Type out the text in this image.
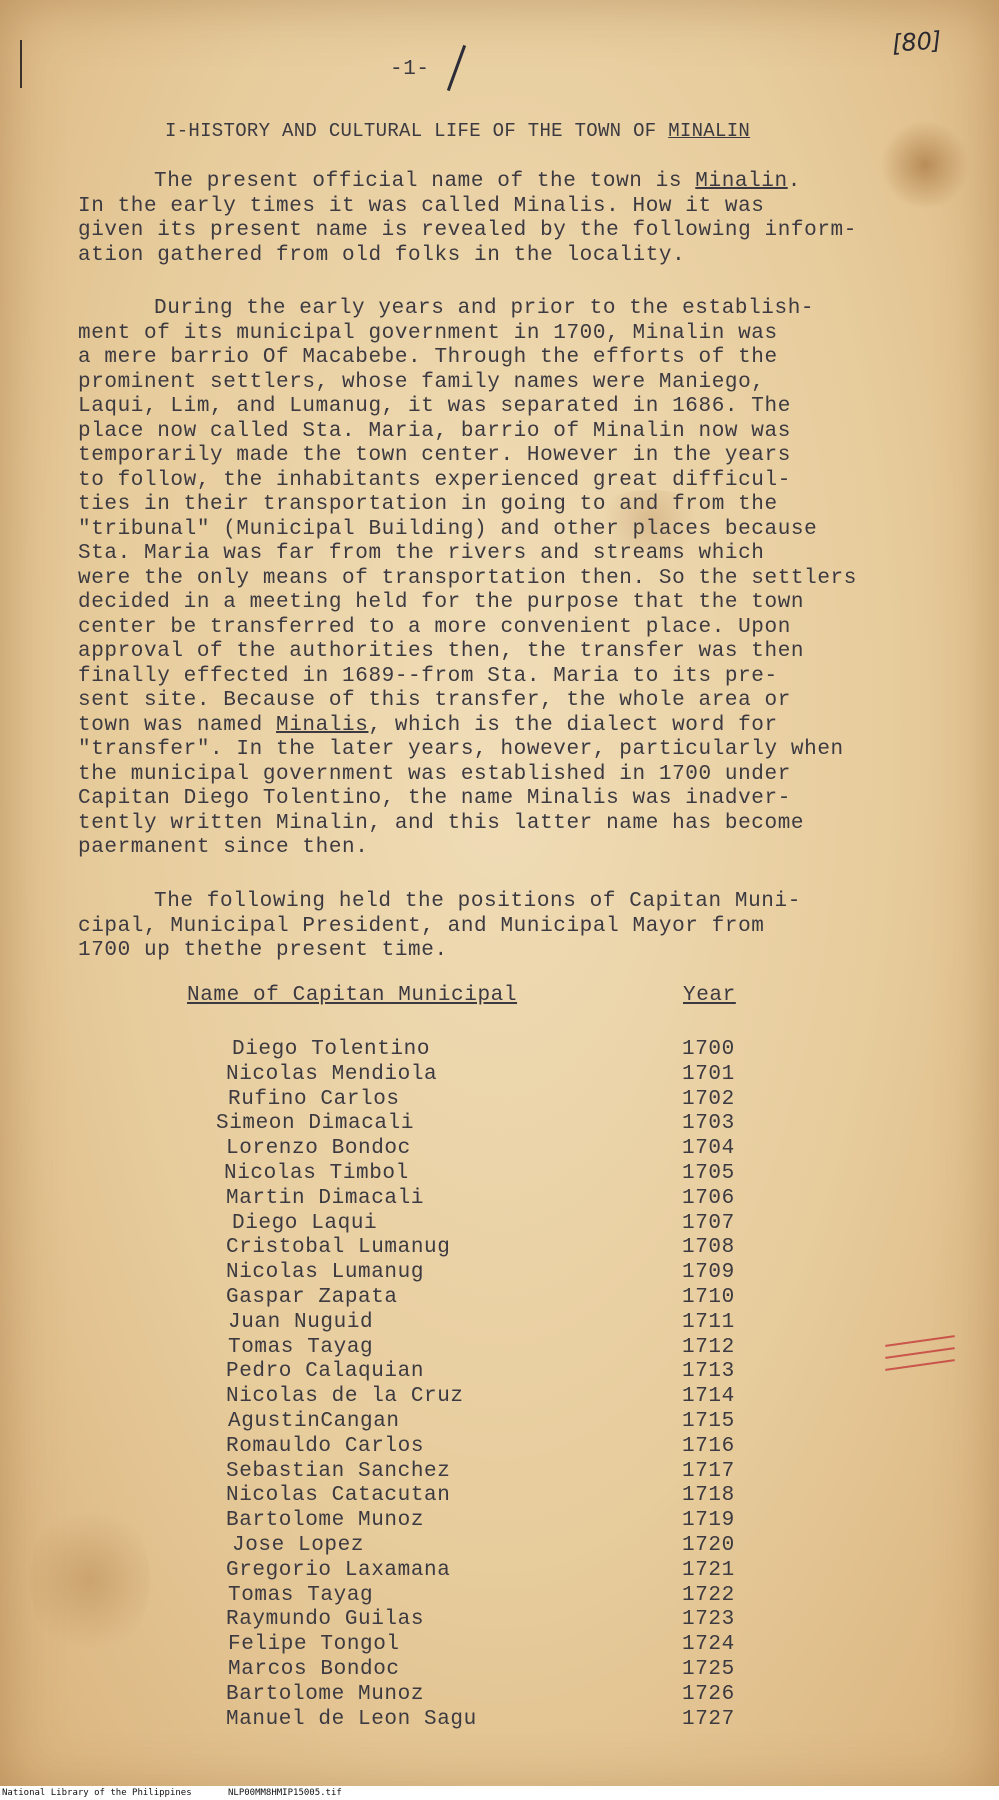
[80]
-1-
I-HISTORY AND CULTURAL LIFE OF THE TOWN OF MINALIN
The present official name of the town is Minalin.
In the early times it was called Minalis. How it was
given its present name is revealed by the following inform-
ation gathered from old folks in the locality.
During the early years and prior to the establish-
ment of its municipal government in 1700, Minalin was
a mere barrio Of Macabebe. Through the efforts of the
prominent settlers, whose family names were Maniego,
Laqui, Lim, and Lumanug, it was separated in 1686. The
place now called Sta. Maria, barrio of Minalin now was
temporarily made the town center. However in the years
to follow, the inhabitants experienced great difficul-
ties in their transportation in going to and from the
"tribunal" (Municipal Building) and other places because
Sta. Maria was far from the rivers and streams which
were the only means of transportation then. So the settlers
decided in a meeting held for the purpose that the town
center be transferred to a more convenient place. Upon
approval of the authorities then, the transfer was then
finally effected in 1689--from Sta. Maria to its pre-
sent site. Because of this transfer, the whole area or
town was named Minalis, which is the dialect word for
"transfer". In the later years, however, particularly when
the municipal government was established in 1700 under
Capitan Diego Tolentino, the name Minalis was inadver-
tently written Minalin, and this latter name has become
paermanent since then.
The following held the positions of Capitan Muni-
cipal, Municipal President, and Municipal Mayor from
1700 up thethe present time.
Name of Capitan Municipal	Year
Diego Tolentino	1700
Nicolas Mendiola	1701
Rufino Carlos	1702
Simeon Dimacali	1703
Lorenzo Bondoc	1704
Nicolas Timbol	1705
Martin Dimacali	1706
Diego Laqui	1707
Cristobal Lumanug	1708
Nicolas Lumanug	1709
Gaspar Zapata	1710
Juan Nuguid	1711
Tomas Tayag	1712
Pedro Calaquian	1713
Nicolas de la Cruz	1714
AgustinCangan	1715
Romauldo Carlos	1716
Sebastian Sanchez	1717
Nicolas Catacutan	1718
Bartolome Munoz	1719
Jose Lopez	1720
Gregorio Laxamana	1721
Tomas Tayag	1722
Raymundo Guilas	1723
Felipe Tongol	1724
Marcos Bondoc	1725
Bartolome Munoz	1726
Manuel de Leon Sagu	1727
National Library of the Philippines	NLP00MM8HMIP15005.tif
